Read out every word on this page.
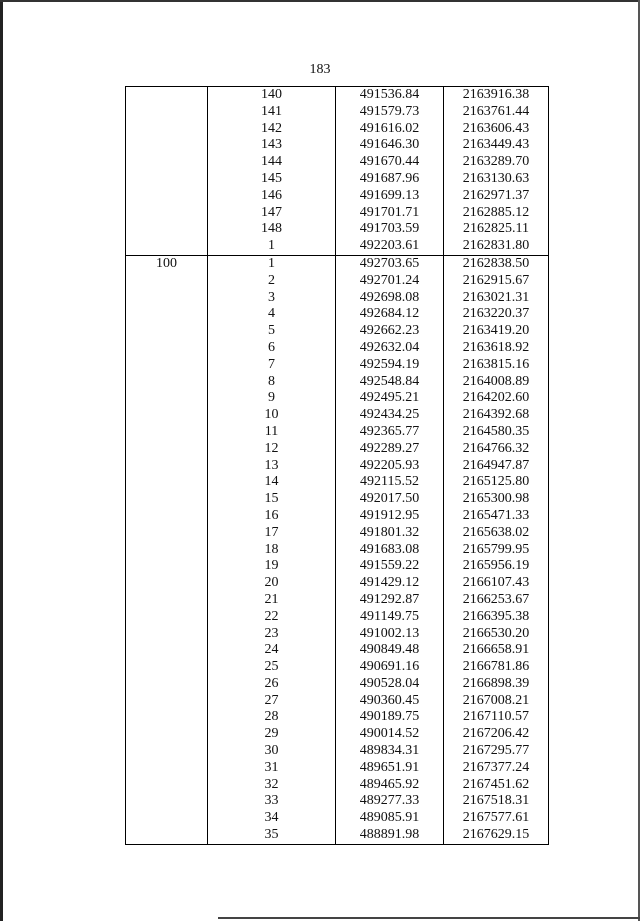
183
	140	491536.84	2163916.38
	141	491579.73	2163761.44
	142	491616.02	2163606.43
	143	491646.30	2163449.43
	144	491670.44	2163289.70
	145	491687.96	2163130.63
	146	491699.13	2162971.37
	147	491701.71	2162885.12
	148	491703.59	2162825.11
	1	492203.61	2162831.80
100	1	492703.65	2162838.50
	2	492701.24	2162915.67
	3	492698.08	2163021.31
	4	492684.12	2163220.37
	5	492662.23	2163419.20
	6	492632.04	2163618.92
	7	492594.19	2163815.16
	8	492548.84	2164008.89
	9	492495.21	2164202.60
	10	492434.25	2164392.68
	11	492365.77	2164580.35
	12	492289.27	2164766.32
	13	492205.93	2164947.87
	14	492115.52	2165125.80
	15	492017.50	2165300.98
	16	491912.95	2165471.33
	17	491801.32	2165638.02
	18	491683.08	2165799.95
	19	491559.22	2165956.19
	20	491429.12	2166107.43
	21	491292.87	2166253.67
	22	491149.75	2166395.38
	23	491002.13	2166530.20
	24	490849.48	2166658.91
	25	490691.16	2166781.86
	26	490528.04	2166898.39
	27	490360.45	2167008.21
	28	490189.75	2167110.57
	29	490014.52	2167206.42
	30	489834.31	2167295.77
	31	489651.91	2167377.24
	32	489465.92	2167451.62
	33	489277.33	2167518.31
	34	489085.91	2167577.61
	35	488891.98	2167629.15
